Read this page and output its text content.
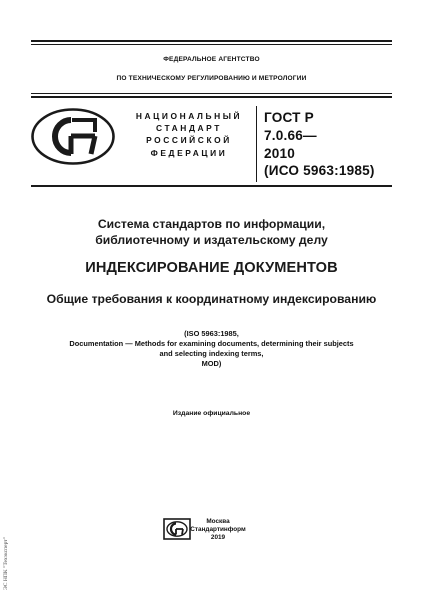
ФЕДЕРАЛЬНОЕ АГЕНТСТВО
ПО ТЕХНИЧЕСКОМУ РЕГУЛИРОВАНИЮ И МЕТРОЛОГИИ
НАЦИОНАЛЬНЫЙ
СТАНДАРТ
РОССИЙСКОЙ
ФЕДЕРАЦИИ
ГОСТ Р
7.0.66—
2010
(ИСО 5963:1985)
Система стандартов по информации,
библиотечному и издательскому делу
ИНДЕКСИРОВАНИЕ ДОКУМЕНТОВ
Общие требования к координатному индексированию
(ISO 5963:1985,
Documentation — Methods for examining documents, determining their subjects
and selecting indexing terms,
MOD)
Издание официальное
Москва
Стандартинформ
2019
ЭС НПК "Техэксперт"
